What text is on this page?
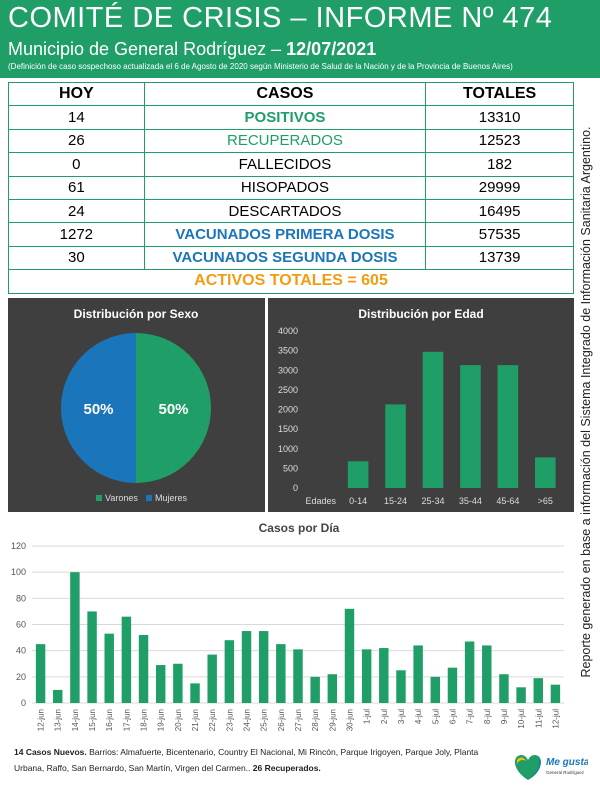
COMITÉ DE CRISIS – INFORME Nº 474
Municipio de General Rodríguez – 12/07/2021
(Definición de caso sospechoso actualizada el 6 de Agosto de 2020 según Ministerio de Salud de la Nación y de la Provincia de Buenos Aires)
HOY	CASOS	TOTALES
14	POSITIVOS	13310
26	RECUPERADOS	12523
0	FALLECIDOS	182
61	HISOPADOS	29999
24	DESCARTADOS	16495
1272	VACUNADOS PRIMERA DOSIS	57535
30	VACUNADOS SEGUNDA DOSIS	13739
ACTIVOS TOTALES = 605		
Distribución por Sexo
50%
50%
Varones Mujeres
Distribución por Edad
0
500
1000
1500
2000
2500
3000
3500
4000
Edades 0-14 15-24 25-34 35-44 45-64 >65
Casos por Día
0
20
40
60
80
100
120
12-jun 13-jun 14-jun 15-jun 16-jun 17-jun 18-jun 19-jun 20-jun 21-jun 22-jun 23-jun 24-jun 25-jun 26-jun 27-jun 28-jun 29-jun 30-jun 1-jul 2-jul 3-jul 4-jul 5-jul 6-jul 7-jul 8-jul 9-jul 10-jul 11-jul 12-jul
Reporte generado en base a información del Sistema Integrado de Información Sanitaria Argentino.
14 Casos Nuevos. Barrios: Almafuerte, Bicentenario, Country El Nacional, Mi Rincón, Parque Irigoyen, Parque Joly, Planta Urbana, Raffo, San Bernardo, San Martín, Virgen del Carmen.. 26 Recuperados.	Me gusta
General Rodríguez
